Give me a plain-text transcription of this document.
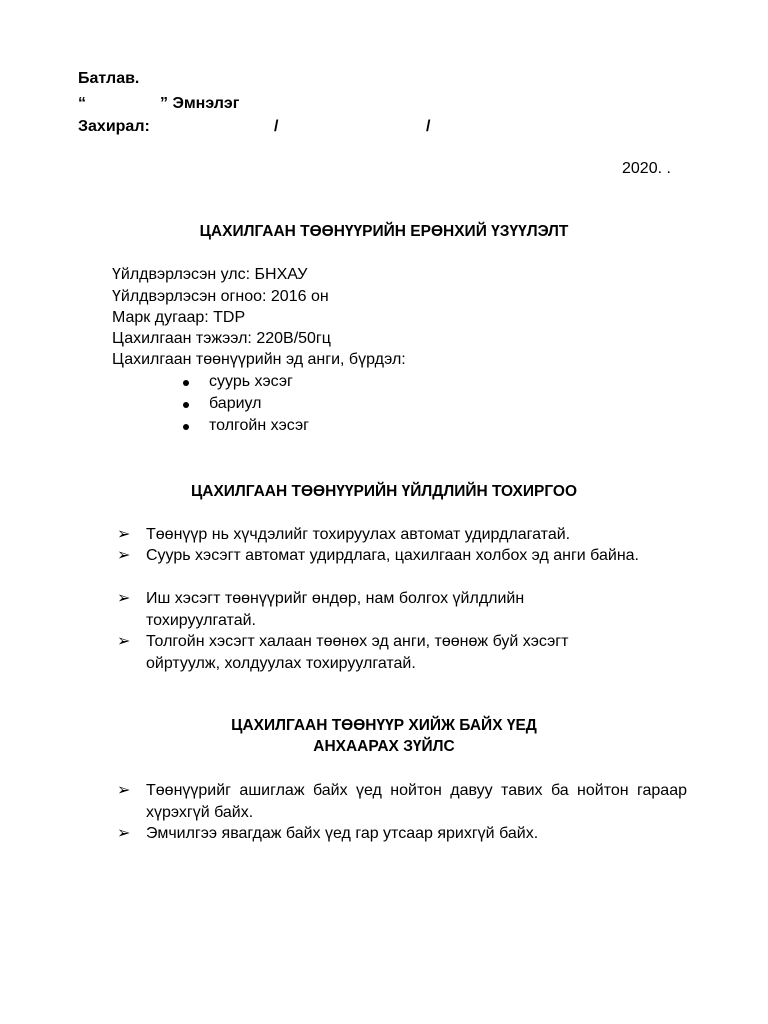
Батлав.
“	” Эмнэлэг
Захирал:	/	/
2020. .
ЦАХИЛГААН ТӨӨНҮҮРИЙН ЕРӨНХИЙ ҮЗҮҮЛЭЛТ
Үйлдвэрлэсэн улс: БНХАУ
Үйлдвэрлэсэн огноо: 2016 он
Марк дугаар: TDP
Цахилгаан тэжээл: 220В/50гц
Цахилгаан төөнүүрийн эд анги, бүрдэл:
суурь хэсэг
бариул
толгойн хэсэг
ЦАХИЛГААН ТӨӨНҮҮРИЙН ҮЙЛДЛИЙН ТОХИРГОО
➢ Төөнүүр нь хүчдэлийг тохируулах автомат удирдлагатай.
➢ Суурь хэсэгт автомат удирдлага, цахилгаан холбох эд анги байна.
➢ Иш хэсэгт төөнүүрийг өндөр, нам болгох үйлдлийн тохируулгатай.
➢ Толгойн хэсэгт халаан төөнөх эд анги, төөнөж буй хэсэгт ойртуулж, холдуулах тохируулгатай.
ЦАХИЛГААН ТӨӨНҮҮР ХИЙЖ БАЙХ ҮЕД
АНХААРАХ ЗҮЙЛС
➢ Төөнүүрийг ашиглаж байх үед нойтон давуу тавих ба нойтон гараар хүрэхгүй байх.
➢ Эмчилгээ явагдаж байх үед гар утсаар ярихгүй байх.
